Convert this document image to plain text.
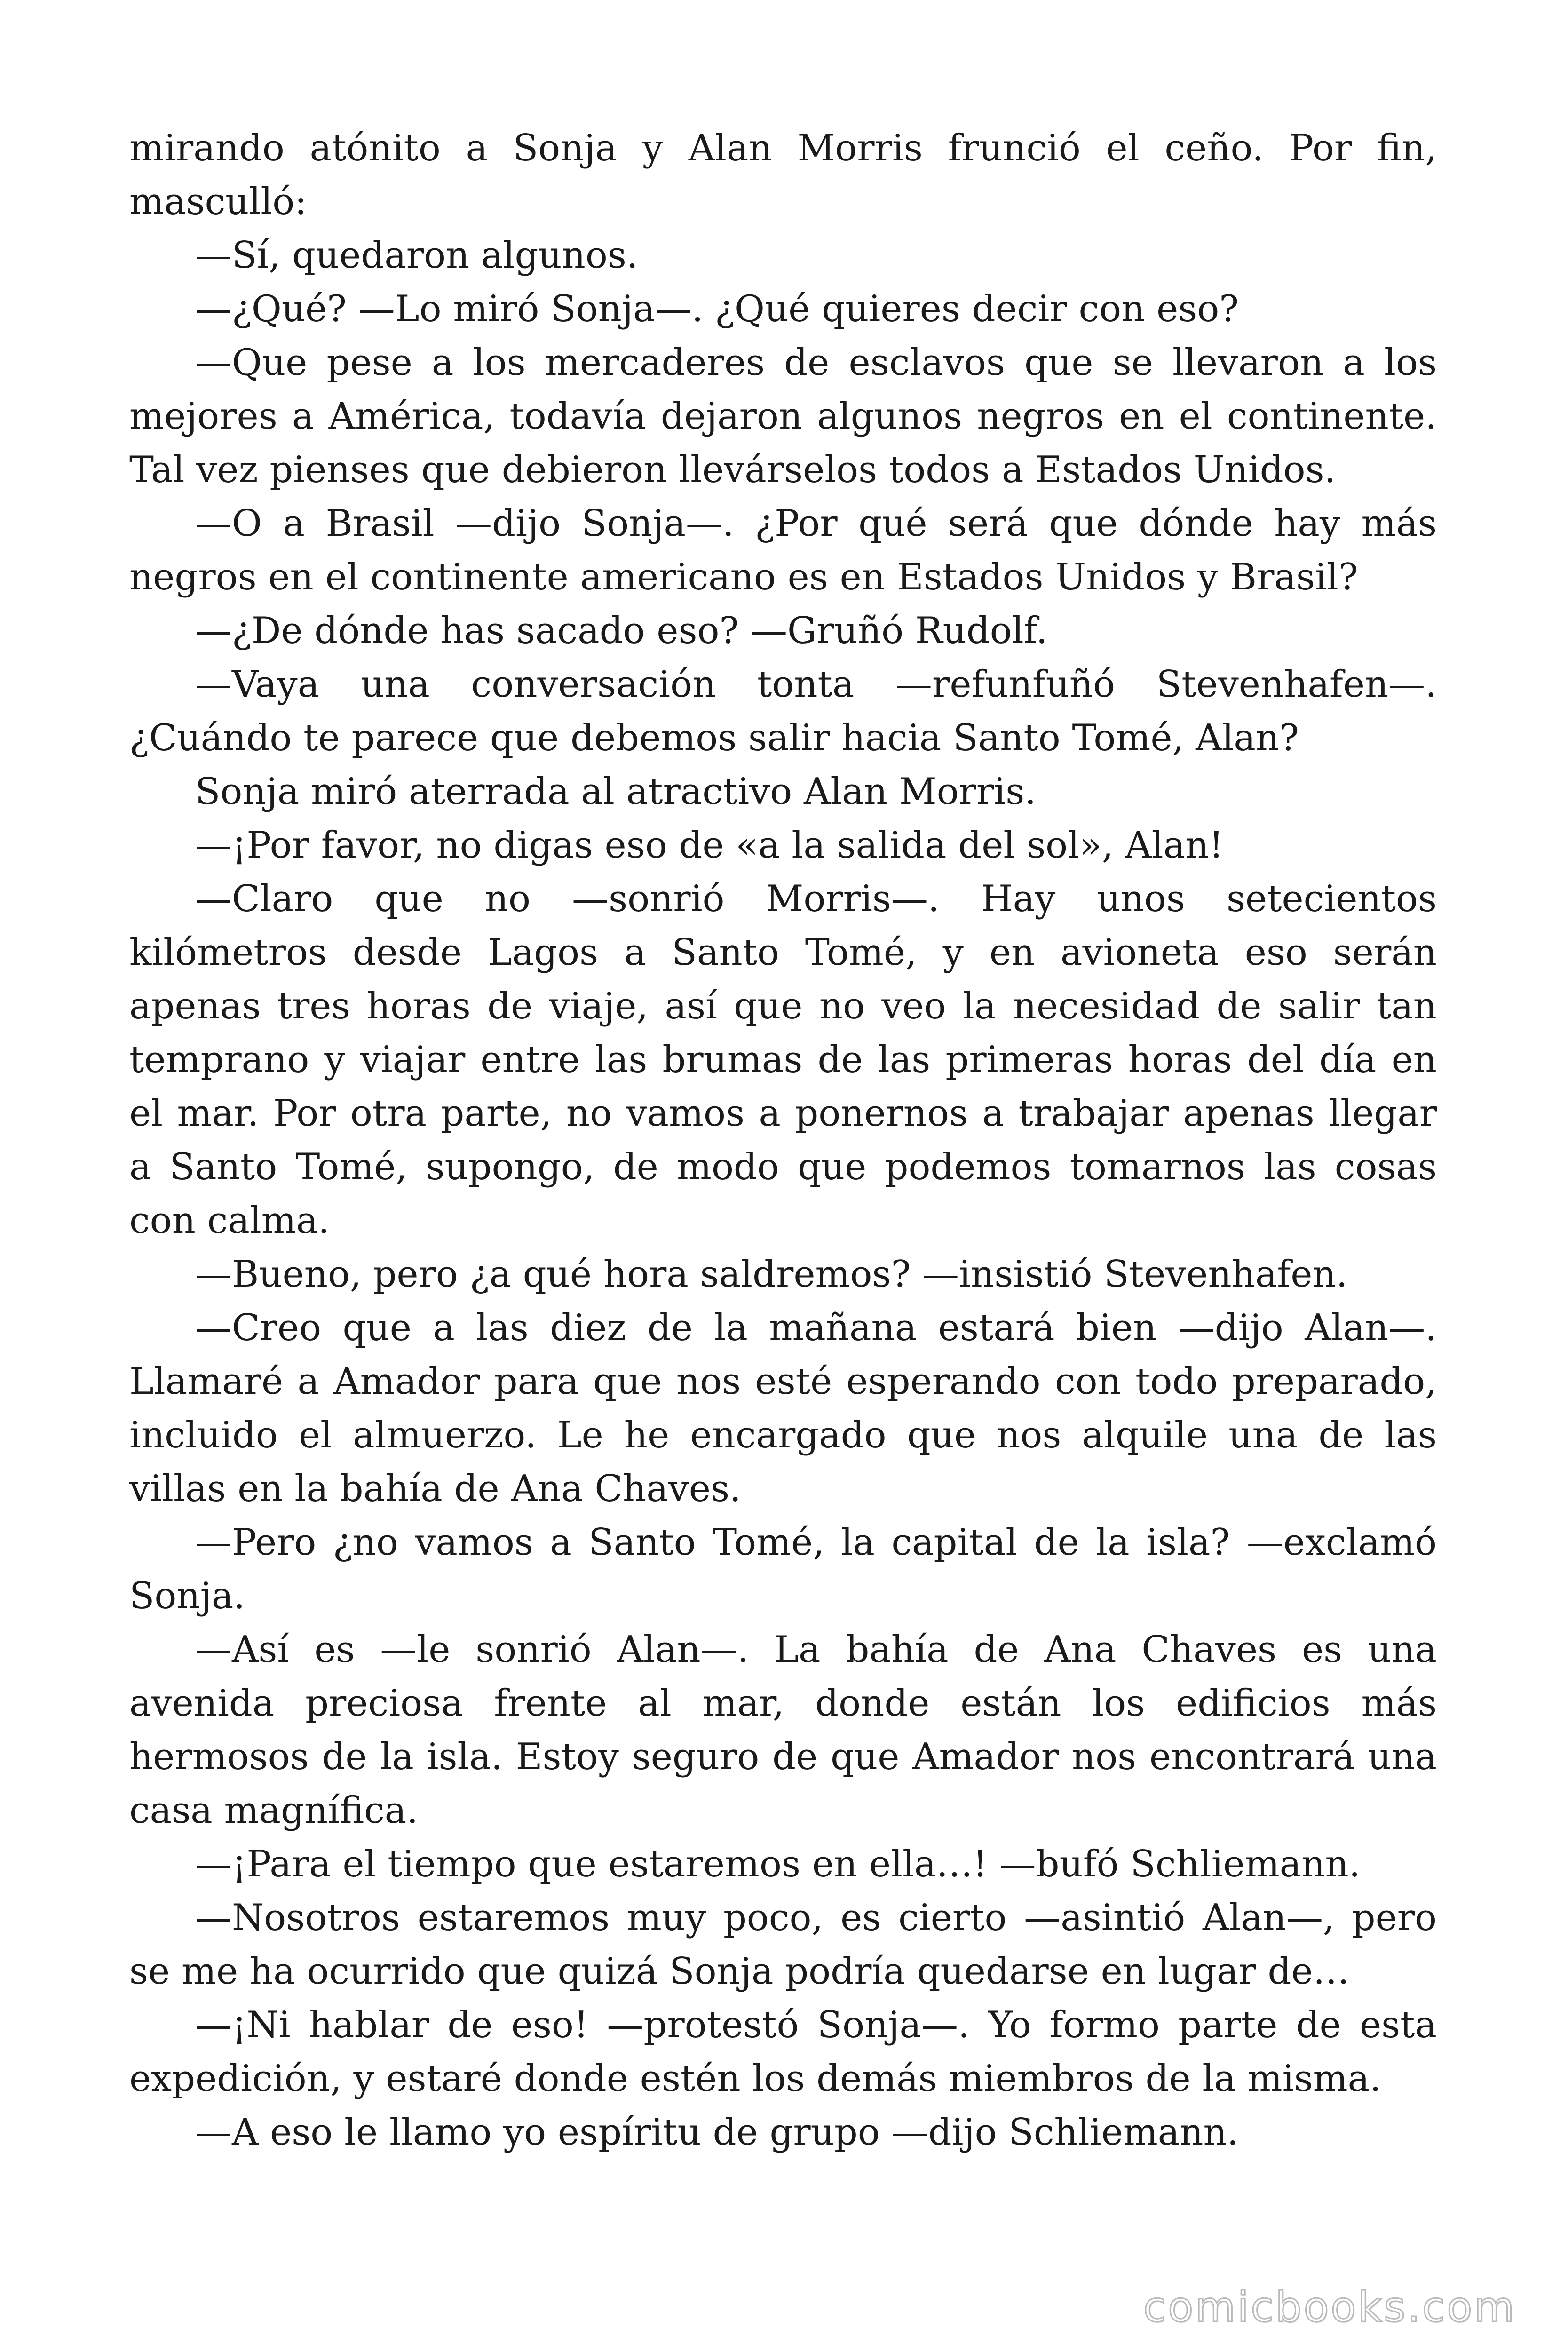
mirando atónito a Sonja y Alan Morris frunció el ceño. Por fin, masculló:

—Sí, quedaron algunos.

—¿Qué? —Lo miró Sonja—. ¿Qué quieres decir con eso?

—Que pese a los mercaderes de esclavos que se llevaron a los mejores a América, todavía dejaron algunos negros en el continente. Tal vez pienses que debieron llevárselos todos a Estados Unidos.

—O a Brasil —dijo Sonja—. ¿Por qué será que dónde hay más negros en el continente americano es en Estados Unidos y Brasil?

—¿De dónde has sacado eso? —Gruñó Rudolf.

—Vaya una conversación tonta —refunfuñó Stevenhafen—. ¿Cuándo te parece que debemos salir hacia Santo Tomé, Alan?

Sonja miró aterrada al atractivo Alan Morris.

—¡Por favor, no digas eso de «a la salida del sol», Alan!

—Claro que no —sonrió Morris—. Hay unos setecientos kilómetros desde Lagos a Santo Tomé, y en avioneta eso serán apenas tres horas de viaje, así que no veo la necesidad de salir tan temprano y viajar entre las brumas de las primeras horas del día en el mar. Por otra parte, no vamos a ponernos a trabajar apenas llegar a Santo Tomé, supongo, de modo que podemos tomarnos las cosas con calma.

—Bueno, pero ¿a qué hora saldremos? —insistió Stevenhafen.

—Creo que a las diez de la mañana estará bien —dijo Alan—. Llamaré a Amador para que nos esté esperando con todo preparado, incluido el almuerzo. Le he encargado que nos alquile una de las villas en la bahía de Ana Chaves.

—Pero ¿no vamos a Santo Tomé, la capital de la isla? —exclamó Sonja.

—Así es —le sonrió Alan—. La bahía de Ana Chaves es una avenida preciosa frente al mar, donde están los edificios más hermosos de la isla. Estoy seguro de que Amador nos encontrará una casa magnífica.

—¡Para el tiempo que estaremos en ella…! —bufó Schliemann.

—Nosotros estaremos muy poco, es cierto —asintió Alan—, pero se me ha ocurrido que quizá Sonja podría quedarse en lugar de…

—¡Ni hablar de eso! —protestó Sonja—. Yo formo parte de esta expedición, y estaré donde estén los demás miembros de la misma.

—A eso le llamo yo espíritu de grupo —dijo Schliemann.

comicbooks.com
